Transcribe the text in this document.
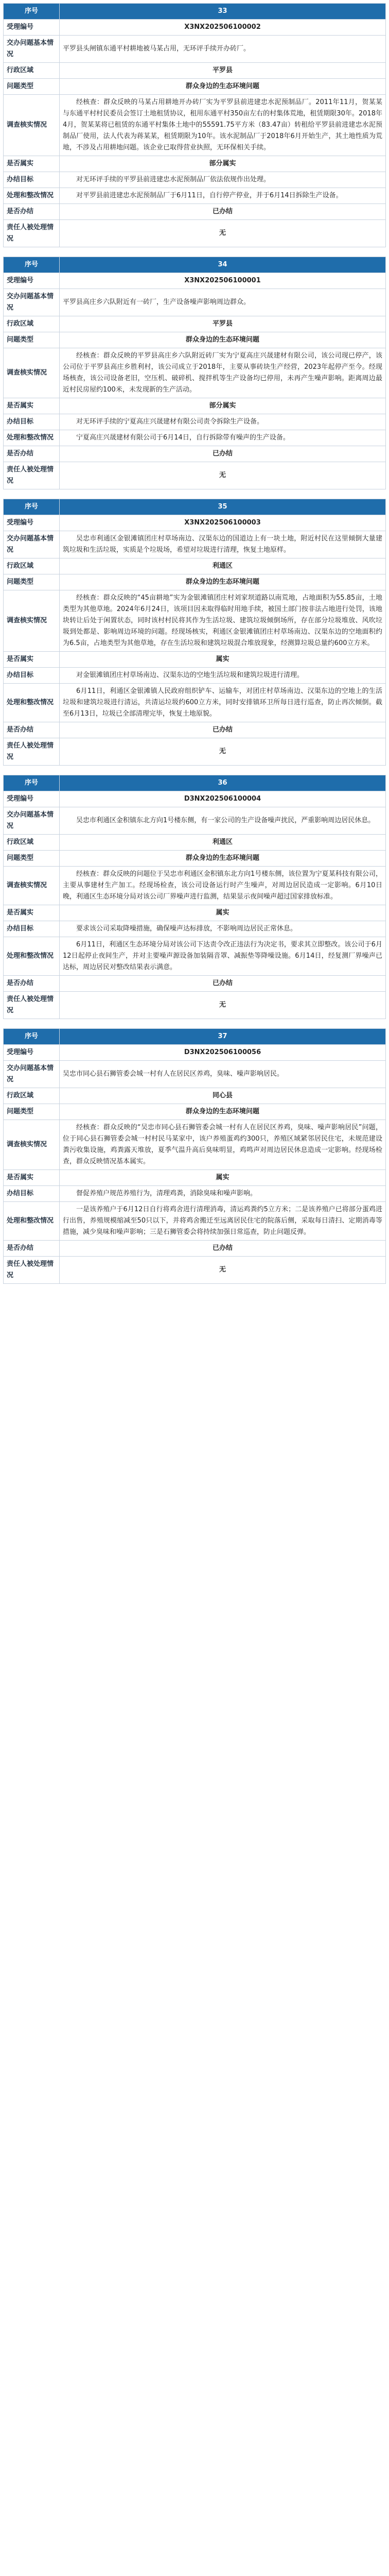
序号	33
受理编号	X3NX202506100002
交办问题基本情况	平罗县头闸镇东通平村耕地被马某占用，无环评手续开办砖厂。
行政区域	平罗县
问题类型	群众身边的生态环境问题
调查核实情况	经核查：群众反映的马某占用耕地开办砖厂实为平罗县前进建忠水泥预制品厂。2011年11月，贺某某与东通平村村民委员会签订土地租赁协议，租用东通平村350亩左右的村集体荒地，租赁期限30年。2018年4月，贺某某将已租赁的东通平村集体土地中的55591.75平方米（83.47亩）转租给平罗县前进建忠水泥预制品厂使用，法人代表为蒋某某，租赁期限为10年。该水泥制品厂于2018年6月开始生产，其土地性质为荒地，不涉及占用耕地问题。该企业已取得营业执照，无环保相关手续。
是否属实	部分属实
办结目标	对无环评手续的平罗县前进建忠水泥预制品厂依法依规作出处理。
处理和整改情况	对平罗县前进建忠水泥预制品厂于6月11日，自行停产停业，并于6月14日拆除生产设备。
是否办结	已办结
责任人被处理情况	无
序号	34
受理编号	X3NX202506100001
交办问题基本情况	平罗县高庄乡六队附近有一砖厂，生产设备噪声影响周边群众。
行政区域	平罗县
问题类型	群众身边的生态环境问题
调查核实情况	经核查：群众反映的平罗县高庄乡六队附近砖厂实为宁夏高庄兴晟建材有限公司，该公司现已停产，该公司位于平罗县高庄乡胜利村，该公司成立于2018年，主要从事砖块生产经营，2023年起停产至今。经现场核查，该公司设备老旧，空压机、破碎机、搅拌机等生产设备均已停用，未再产生噪声影响。距离周边最近村民房屋约100米，未发现新的生产活动。
是否属实	部分属实
办结目标	对无环评手续的宁夏高庄兴晟建材有限公司责令拆除生产设备。
处理和整改情况	宁夏高庄兴晟建材有限公司于6月14日，自行拆除带有噪声的生产设备。
是否办结	已办结
责任人被处理情况	无
序号	35
受理编号	X3NX202506100003
交办问题基本情况	吴忠市利通区金银滩镇团庄村草场南边、汉渠东边的国道边上有一块土地，附近村民在这里倾倒大量建筑垃圾和生活垃圾，实质是个垃圾场，希望对垃圾进行清理，恢复土地原样。
行政区域	利通区
问题类型	群众身边的生态环境问题
调查核实情况	经核查：群众反映的“45亩耕地”实为金银滩镇团庄村刘家坝道路以南荒地，占地面积为55.85亩，土地类型为其他草地。2024年6月24日，该项目因未取得临时用地手续，被国土部门按非法占地进行处罚，该地块转让后处于闲置状态，同时该村村民将其作为生活垃圾、建筑垃圾倾倒场所，存在部分垃圾堆放、风吹垃圾到处都是、影响周边环境的问题。经现场核实，利通区金银滩镇团庄村草场南边、汉渠东边的空地面积约为6.5亩，占地类型为其他草地，存在生活垃圾和建筑垃圾混合堆放现象，经测算垃圾总量约600立方米。
是否属实	属实
办结目标	对金银滩镇团庄村草场南边、汉渠东边的空地生活垃圾和建筑垃圾进行清理。
处理和整改情况	6月11日，利通区金银滩镇人民政府组织铲车、运输车，对团庄村草场南边、汉渠东边的空地上的生活垃圾和建筑垃圾进行清运，共清运垃圾约600立方米，同时安排镇环卫所每日进行巡查，防止再次倾倒。截至6月13日，垃圾已全部清理完毕，恢复土地原貌。
是否办结	已办结
责任人被处理情况	无
序号	36
受理编号	D3NX202506100004
交办问题基本情况	吴忠市利通区金积镇东北方向1号楼东侧，有一家公司的生产设备噪声扰民，严重影响周边居民休息。
行政区域	利通区
问题类型	群众身边的生态环境问题
调查核实情况	经核查：群众反映的问题位于吴忠市利通区金积镇东北方向1号楼东侧，该位置为宁夏某科技有限公司，主要从事建材生产加工。经现场检查，该公司设备运行时产生噪声，对周边居民造成一定影响。6月10日晚，利通区生态环境分局对该公司厂界噪声进行监测，结果显示夜间噪声超过国家排放标准。
是否属实	属实
办结目标	要求该公司采取降噪措施，确保噪声达标排放，不影响周边居民正常休息。
处理和整改情况	6月11日，利通区生态环境分局对该公司下达责令改正违法行为决定书，要求其立即整改。该公司于6月12日起停止夜间生产，并对主要噪声源设备加装隔音罩、减振垫等降噪设施。6月14日，经复测厂界噪声已达标，周边居民对整改结果表示满意。
是否办结	已办结
责任人被处理情况	无
序号	37
受理编号	D3NX202506100056
交办问题基本情况	吴忠市同心县石狮管委会城一村有人在居民区养鸡，臭味、噪声影响居民。
行政区域	同心县
问题类型	群众身边的生态环境问题
调查核实情况	经核查：群众反映的“吴忠市同心县石狮管委会城一村有人在居民区养鸡，臭味、噪声影响居民”问题，位于同心县石狮管委会城一村村民马某家中，该户养殖蛋鸡约300只，养殖区域紧邻居民住宅，未规范建设粪污收集设施，鸡粪露天堆放，夏季气温升高后臭味明显，鸡鸣声对周边居民休息造成一定影响。经现场检查，群众反映情况基本属实。
是否属实	属实
办结目标	督促养殖户规范养殖行为，清理鸡粪，消除臭味和噪声影响。
处理和整改情况	一是该养殖户于6月12日自行将鸡舍进行清理消毒，清运鸡粪约5立方米；二是该养殖户已将部分蛋鸡进行出售，养殖规模缩减至50只以下，并将鸡舍搬迁至远离居民住宅的院落后侧，采取每日清扫、定期消毒等措施，减少臭味和噪声影响；三是石狮管委会将持续加强日常巡查，防止问题反弹。
是否办结	已办结
责任人被处理情况	无
